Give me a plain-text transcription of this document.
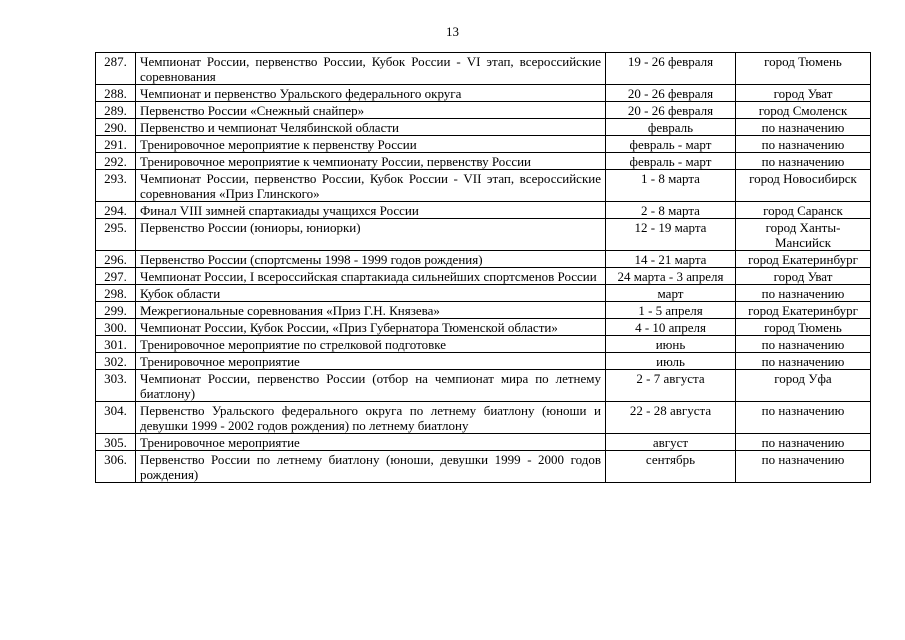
13
287.	Чемпионат России, первенство России, Кубок России - VI этап, всероссийские соревнования	19 - 26 февраля	город Тюмень
288.	Чемпионат и первенство Уральского федерального округа	20 - 26 февраля	город Уват
289.	Первенство России «Снежный снайпер»	20 - 26 февраля	город Смоленск
290.	Первенство и чемпионат Челябинской области	февраль	по назначению
291.	Тренировочное мероприятие к первенству России	февраль - март	по назначению
292.	Тренировочное мероприятие к чемпионату России, первенству России	февраль - март	по назначению
293.	Чемпионат России, первенство России, Кубок России - VII этап, всероссийские соревнования «Приз Глинского»	1 - 8 марта	город Новосибирск
294.	Финал VIII зимней спартакиады учащихся России	2 - 8 марта	город Саранск
295.	Первенство России (юниоры, юниорки)	12 - 19 марта	город Ханты-Мансийск
296.	Первенство России (спортсмены 1998 - 1999 годов рождения)	14 - 21 марта	город Екатеринбург
297.	Чемпионат России, I всероссийская спартакиада сильнейших спортсменов России	24 марта - 3 апреля	город Уват
298.	Кубок области	март	по назначению
299.	Межрегиональные соревнования «Приз Г.Н. Князева»	1 - 5 апреля	город Екатеринбург
300.	Чемпионат России, Кубок России, «Приз Губернатора Тюменской области»	4 - 10 апреля	город Тюмень
301.	Тренировочное мероприятие по стрелковой подготовке	июнь	по назначению
302.	Тренировочное мероприятие	июль	по назначению
303.	Чемпионат России, первенство России (отбор на чемпионат мира по летнему биатлону)	2 - 7 августа	город Уфа
304.	Первенство Уральского федерального округа по летнему биатлону (юноши и девушки 1999 - 2002 годов рождения) по летнему биатлону	22 - 28 августа	по назначению
305.	Тренировочное мероприятие	август	по назначению
306.	Первенство России по летнему биатлону (юноши, девушки 1999 - 2000 годов рождения)	сентябрь	по назначению
